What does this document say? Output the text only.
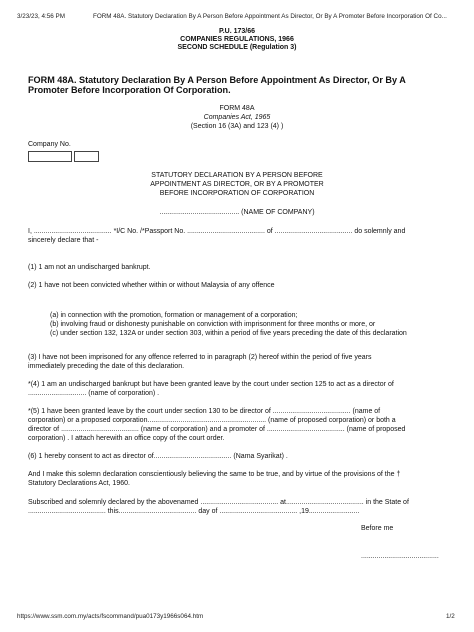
3/23/23, 4:56 PM	FORM 48A. Statutory Declaration By A Person Before Appointment As Director, Or By A Promoter Before Incorporation Of Co...
https://www.ssm.com.my/acts/fscommand/pua0173y1966s064.htm	1/2
P.U. 173/66
COMPANIES REGULATIONS, 1966
SECOND SCHEDULE (Regulation 3)
FORM 48A. Statutory Declaration By A Person Before Appointment As Director, Or By A
Promoter Before Incorporation Of Corporation.
FORM 48A
Companies Act, 1965
(Section 16 (3A) and 123 (4) )
Company No.
STATUTORY DECLARATION BY A PERSON BEFORE
APPOINTMENT AS DIRECTOR, OR BY A PROMOTER
BEFORE INCORPORATION OF CORPORATION
......................................... (NAME OF COMPANY)
I, ........................................ *I/C No. /*Passport No. ........................................ of ........................................ do solemnly and
sincerely declare that -
(1) 1 am not an undischarged bankrupt.
(2) 1 have not been convicted whether within or without Malaysia of any offence
(a) in connection with the promotion, formation or management of a corporation;
(b) involving fraud or dishonesty punishable on conviction with imprisonment for three months or more, or
(c) under section 132, 132A or under section 303, within a period of five years preceding the date of this declaration
(3) I have not been imprisoned for any offence referred to in paragraph (2) hereof within the period of five years
immediately preceding the date of this declaration.
*(4) 1 am an undischarged bankrupt but have been granted leave by the court under section 125 to act as a director of
.............................. (name of corporation) .
*(5) 1 have been granted leave by the court under section 130 to be director of ........................................ (name of
corporation) or a proposed corporation............................................................. (name of proposed corporation) or both a
director of ........................................ (name of corporation) and a promoter of ........................................ (name of proposed
corporation) . I attach herewith an office copy of the court order.
(6) 1 hereby consent to act as director of........................................ (Nama Syarikat) .
And I make this solemn declaration conscientiously believing the same to be true, and by virtue of the provisions of the †
Statutory Declarations Act, 1960.
Subscribed and solemnly declared by the abovenamed ........................................ at........................................ in the State of
........................................ this........................................ day of ........................................ ,19..........................
Before me
........................................
